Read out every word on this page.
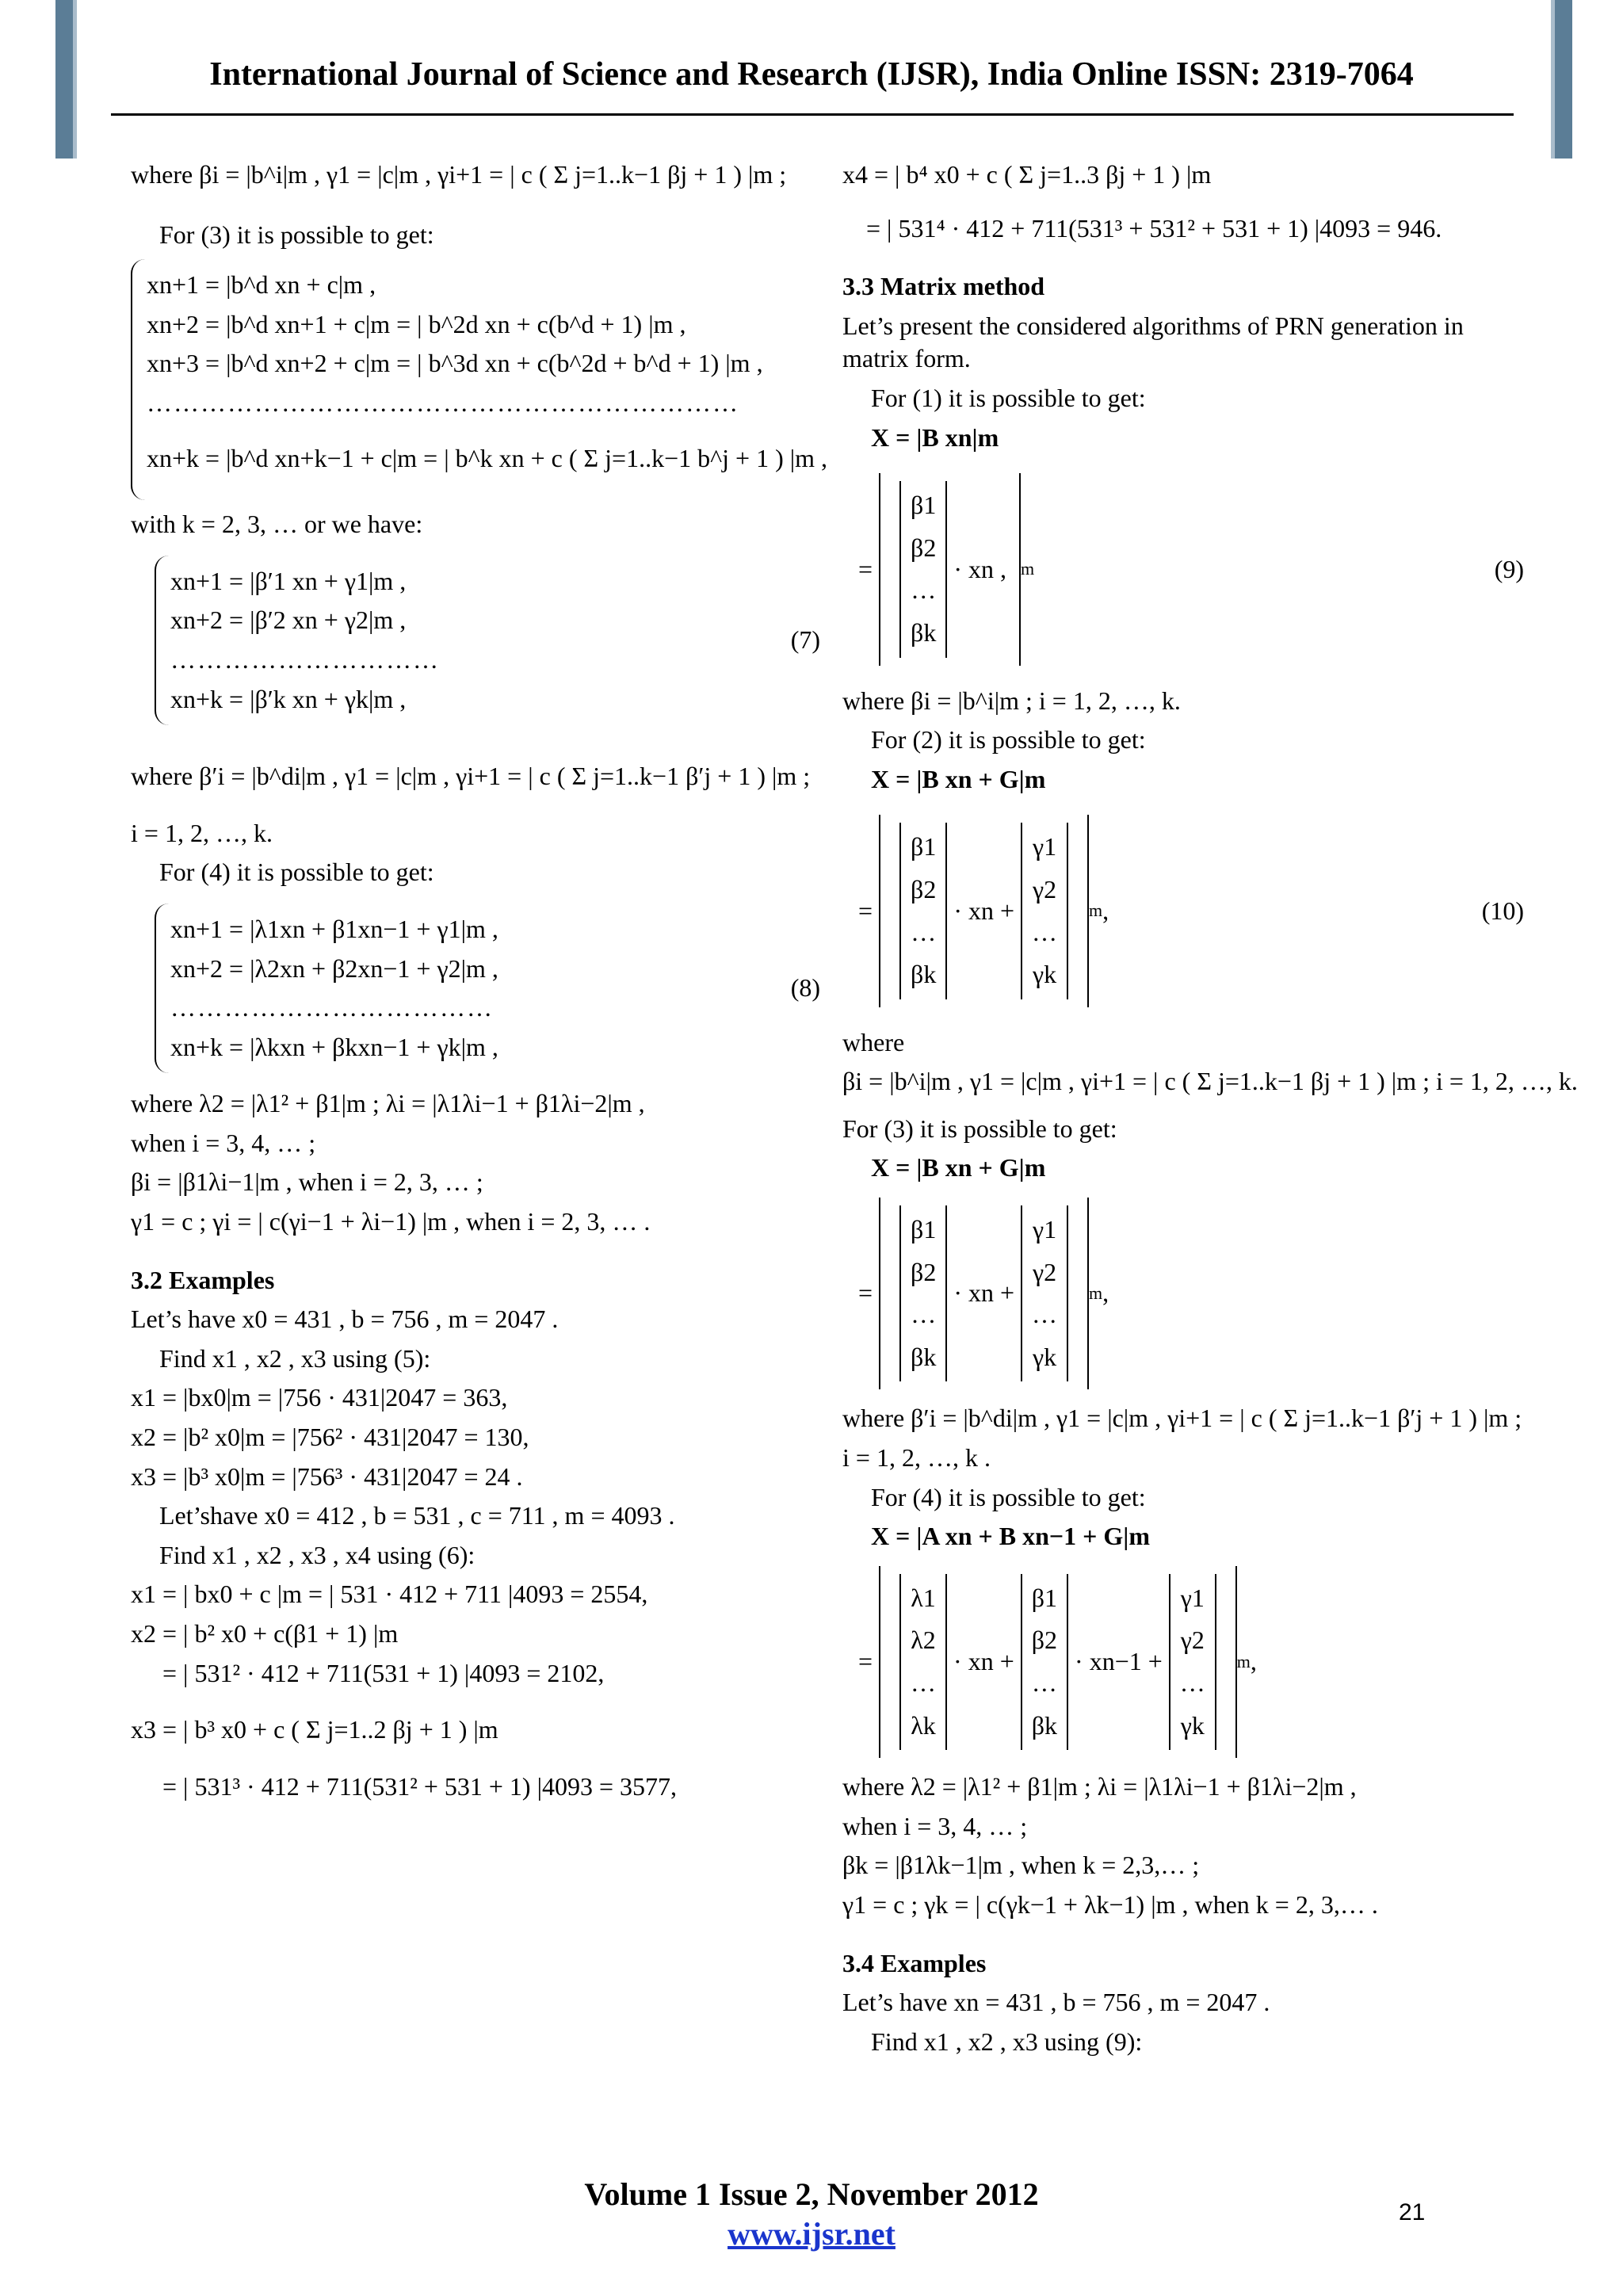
International Journal of Science and Research (IJSR), India Online ISSN: 2319-7064
where βi = |b^i|m , γ1 = |c|m , γi+1 = | c ( Σ j=1..k−1 βj + 1 ) |m ;
For (3) it is possible to get:
xn+1 = |b^d xn + c|m ,
xn+2 = |b^d xn+1 + c|m = | b^2d xn + c(b^d + 1) |m ,
xn+3 = |b^d xn+2 + c|m = | b^3d xn + c(b^2d + b^d + 1) |m ,
…………………………………………………………
xn+k = |b^d xn+k−1 + c|m = | b^k xn + c ( Σ j=1..k−1 b^j + 1 ) |m ,
with k = 2, 3, … or we have:
xn+1 = |β′1 xn + γ1|m ,
xn+2 = |β′2 xn + γ2|m ,
…………………………
xn+k = |β′k xn + γk|m ,
(7)
where β′i = |b^di|m , γ1 = |c|m , γi+1 = | c ( Σ j=1..k−1 β′j + 1 ) |m ;
i = 1, 2, …, k.
For (4) it is possible to get:
xn+1 = |λ1xn + β1xn−1 + γ1|m ,
xn+2 = |λ2xn + β2xn−1 + γ2|m ,
………………………………
xn+k = |λkxn + βkxn−1 + γk|m ,
(8)
where λ2 = |λ1² + β1|m ; λi = |λ1λi−1 + β1λi−2|m ,
when i = 3, 4, … ;
βi = |β1λi−1|m , when i = 2, 3, … ;
γ1 = c ; γi = | c(γi−1 + λi−1) |m , when i = 2, 3, … .
3.2 Examples
Let’s have x0 = 431 , b = 756 , m = 2047 .
Find x1 , x2 , x3 using (5):
x1 = |bx0|m = |756 · 431|2047 = 363,
x2 = |b² x0|m = |756² · 431|2047 = 130,
x3 = |b³ x0|m = |756³ · 431|2047 = 24 .
Let’shave x0 = 412 , b = 531 , c = 711 , m = 4093 .
Find x1 , x2 , x3 , x4 using (6):
x1 = | bx0 + c |m = | 531 · 412 + 711 |4093 = 2554,
x2 = | b² x0 + c(β1 + 1) |m
= | 531² · 412 + 711(531 + 1) |4093 = 2102,
x3 = | b³ x0 + c ( Σ j=1..2 βj + 1 ) |m
= | 531³ · 412 + 711(531² + 531 + 1) |4093 = 3577,
x4 = | b⁴ x0 + c ( Σ j=1..3 βj + 1 ) |m
= | 531⁴ · 412 + 711(531³ + 531² + 531 + 1) |4093 = 946.
3.3 Matrix method
Let’s present the considered algorithms of PRN generation in matrix form.
For (1) it is possible to get:
X = |B xn|m
=
β1
β2
…
βk
· xn , m	(9)
where βi = |b^i|m ; i = 1, 2, …, k.
For (2) it is possible to get:
X = |B xn + G|m
=
β1
β2
…
βk
· xn +
γ1
γ2
…
γk
m ,	(10)
where
βi = |b^i|m , γ1 = |c|m , γi+1 = | c ( Σ j=1..k−1 βj + 1 ) |m ; i = 1, 2, …, k.
For (3) it is possible to get:
X = |B xn + G|m
=
β1
β2
…
βk
· xn +
γ1
γ2
…
γk
m ,
where β′i = |b^di|m , γ1 = |c|m , γi+1 = | c ( Σ j=1..k−1 β′j + 1 ) |m ;
i = 1, 2, …, k .
For (4) it is possible to get:
X = |A xn + B xn−1 + G|m
=
λ1
λ2
…
λk
· xn +
β1
β2
…
βk
· xn−1 +
γ1
γ2
…
γk
m ,
where λ2 = |λ1² + β1|m ; λi = |λ1λi−1 + β1λi−2|m ,
when i = 3, 4, … ;
βk = |β1λk−1|m , when k = 2,3,… ;
γ1 = c ; γk = | c(γk−1 + λk−1) |m , when k = 2, 3,… .
3.4 Examples
Let’s have xn = 431 , b = 756 , m = 2047 .
Find x1 , x2 , x3 using (9):
Volume 1 Issue 2, November 2012
www.ijsr.net
21
